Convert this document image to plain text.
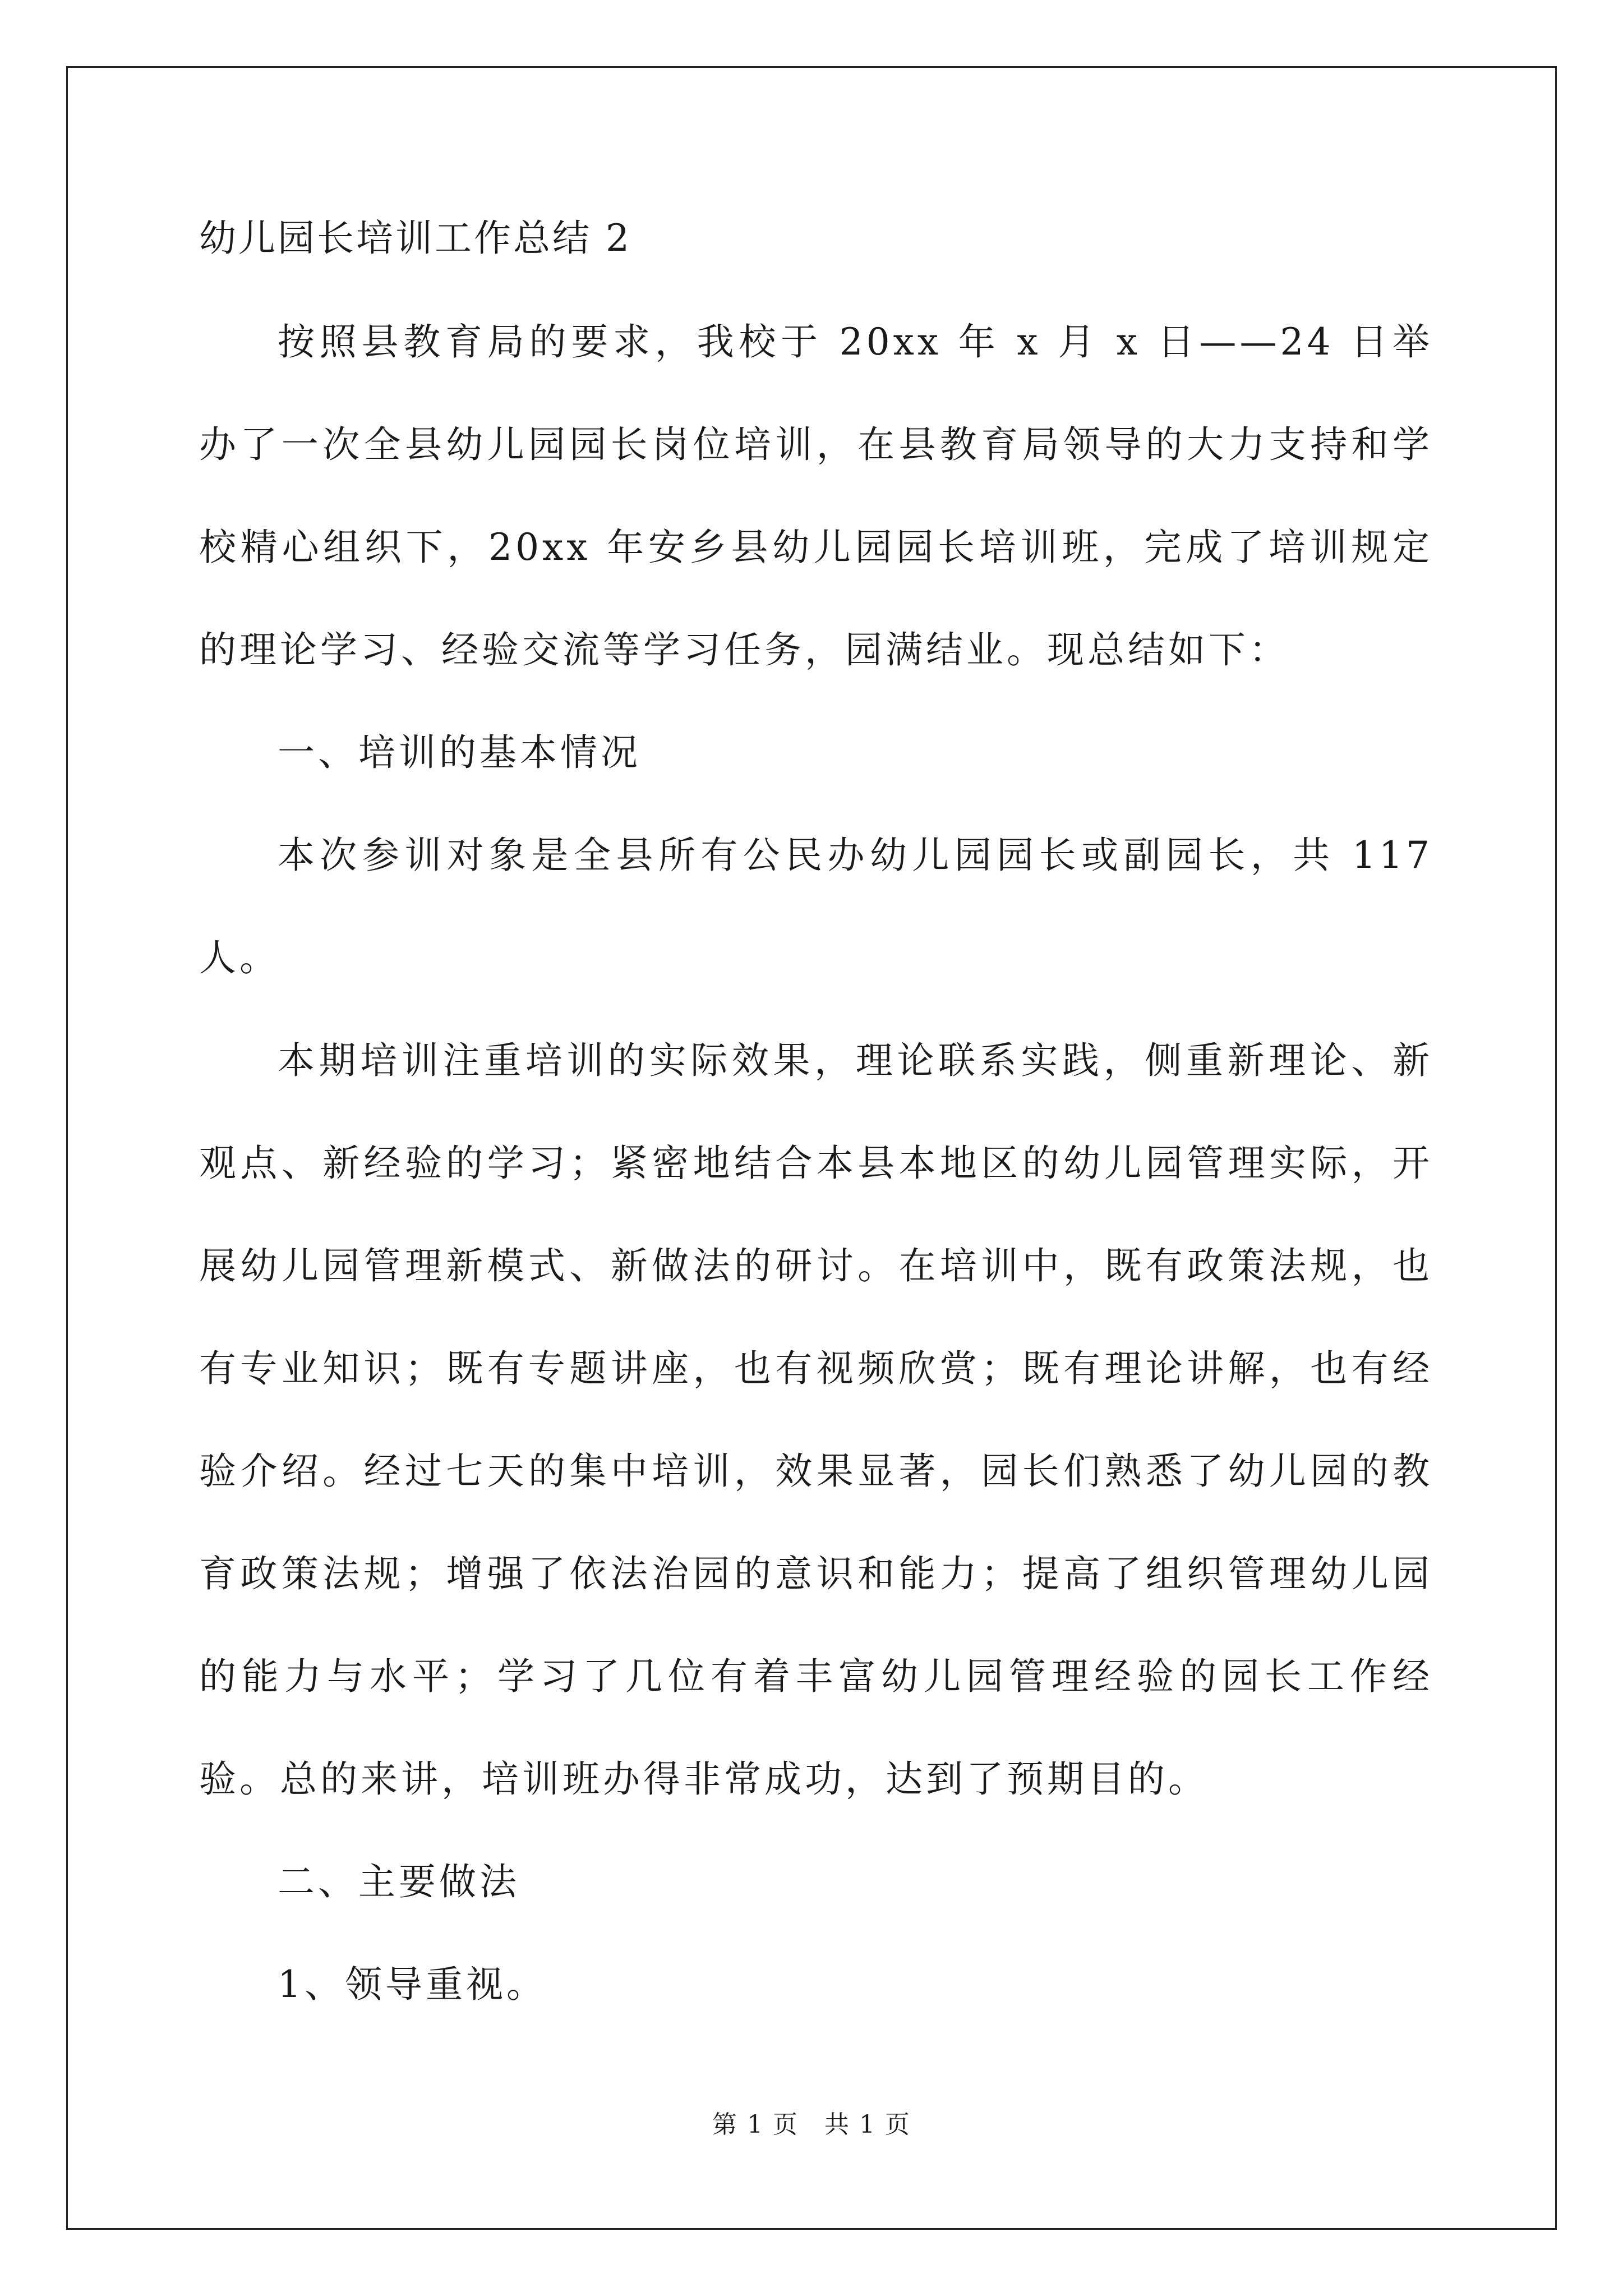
幼儿园长培训工作总结 2

按照县教育局的要求，我校于 20xx 年 x 月 x 日——24 日举办了一次全县幼儿园园长岗位培训，在县教育局领导的大力支持和学校精心组织下，20xx 年安乡县幼儿园园长培训班，完成了培训规定的理论学习、经验交流等学习任务，园满结业。现总结如下：

一、培训的基本情况

本次参训对象是全县所有公民办幼儿园园长或副园长，共 117 人。

本期培训注重培训的实际效果，理论联系实践，侧重新理论、新观点、新经验的学习；紧密地结合本县本地区的幼儿园管理实际，开展幼儿园管理新模式、新做法的研讨。在培训中，既有政策法规，也有专业知识；既有专题讲座，也有视频欣赏；既有理论讲解，也有经验介绍。经过七天的集中培训，效果显著，园长们熟悉了幼儿园的教育政策法规；增强了依法治园的意识和能力；提高了组织管理幼儿园的能力与水平；学习了几位有着丰富幼儿园管理经验的园长工作经验。总的来讲，培训班办得非常成功，达到了预期目的。

二、主要做法

1、领导重视。

第 1 页　共 1 页
